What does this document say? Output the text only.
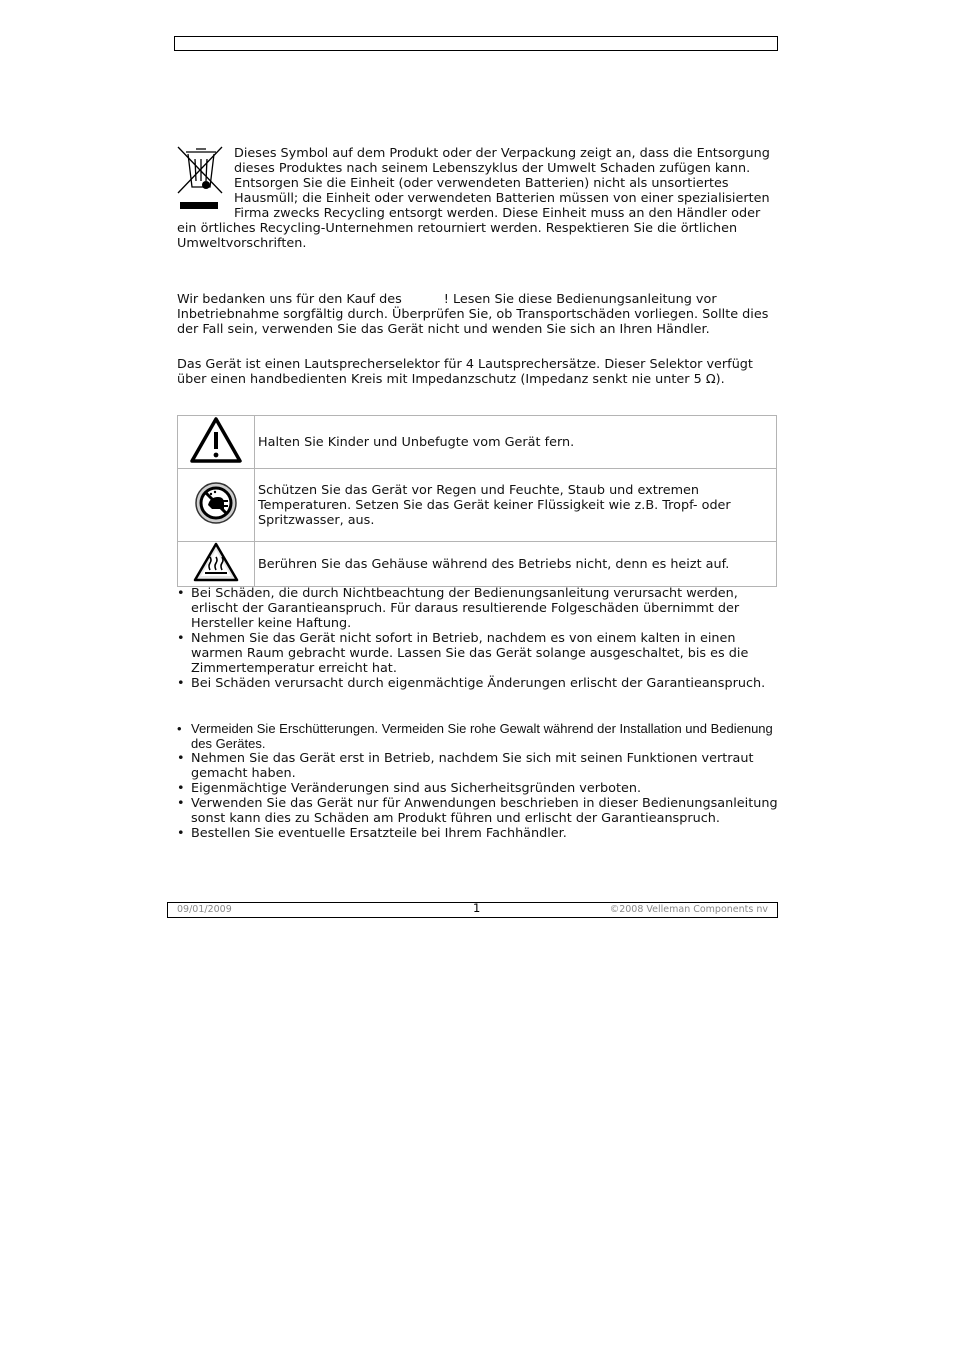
Dieses Symbol auf dem Produkt oder der Verpackung zeigt an, dass die Entsorgung dieses Produktes nach seinem Lebenszyklus der Umwelt Schaden zufügen kann. Entsorgen Sie die Einheit (oder verwendeten Batterien) nicht als unsortiertes Hausmüll; die Einheit oder verwendeten Batterien müssen von einer spezialisierten Firma zwecks Recycling entsorgt werden. Diese Einheit muss an den Händler oder ein örtliches Recycling-Unternehmen retourniert werden. Respektieren Sie die örtlichen Umweltvorschriften.
Wir bedanken uns für den Kauf des	! Lesen Sie diese Bedienungsanleitung vor Inbetriebnahme sorgfältig durch. Überprüfen Sie, ob Transportschäden vorliegen. Sollte dies der Fall sein, verwenden Sie das Gerät nicht und wenden Sie sich an Ihren Händler.
Das Gerät ist einen Lautsprecherselektor für 4 Lautsprechersätze. Dieser Selektor verfügt über einen handbedienten Kreis mit Impedanzschutz (Impedanz senkt nie unter 5 Ω).
	Halten Sie Kinder und Unbefugte vom Gerät fern.
	Schützen Sie das Gerät vor Regen und Feuchte, Staub und extremen Temperaturen. Setzen Sie das Gerät keiner Flüssigkeit wie z.B. Tropf- oder Spritzwasser, aus.
	Berühren Sie das Gehäuse während des Betriebs nicht, denn es heizt auf.
• Bei Schäden, die durch Nichtbeachtung der Bedienungsanleitung verursacht werden, erlischt der Garantieanspruch. Für daraus resultierende Folgeschäden übernimmt der Hersteller keine Haftung.
• Nehmen Sie das Gerät nicht sofort in Betrieb, nachdem es von einem kalten in einen warmen Raum gebracht wurde. Lassen Sie das Gerät solange ausgeschaltet, bis es die Zimmertemperatur erreicht hat.
• Bei Schäden verursacht durch eigenmächtige Änderungen erlischt der Garantieanspruch.
• Vermeiden Sie Erschütterungen. Vermeiden Sie rohe Gewalt während der Installation und Bedienung des Gerätes.
• Nehmen Sie das Gerät erst in Betrieb, nachdem Sie sich mit seinen Funktionen vertraut gemacht haben.
• Eigenmächtige Veränderungen sind aus Sicherheitsgründen verboten.
• Verwenden Sie das Gerät nur für Anwendungen beschrieben in dieser Bedienungsanleitung sonst kann dies zu Schäden am Produkt führen und erlischt der Garantieanspruch.
• Bestellen Sie eventuelle Ersatzteile bei Ihrem Fachhändler.
09/01/2009	1	©2008 Velleman Components nv
